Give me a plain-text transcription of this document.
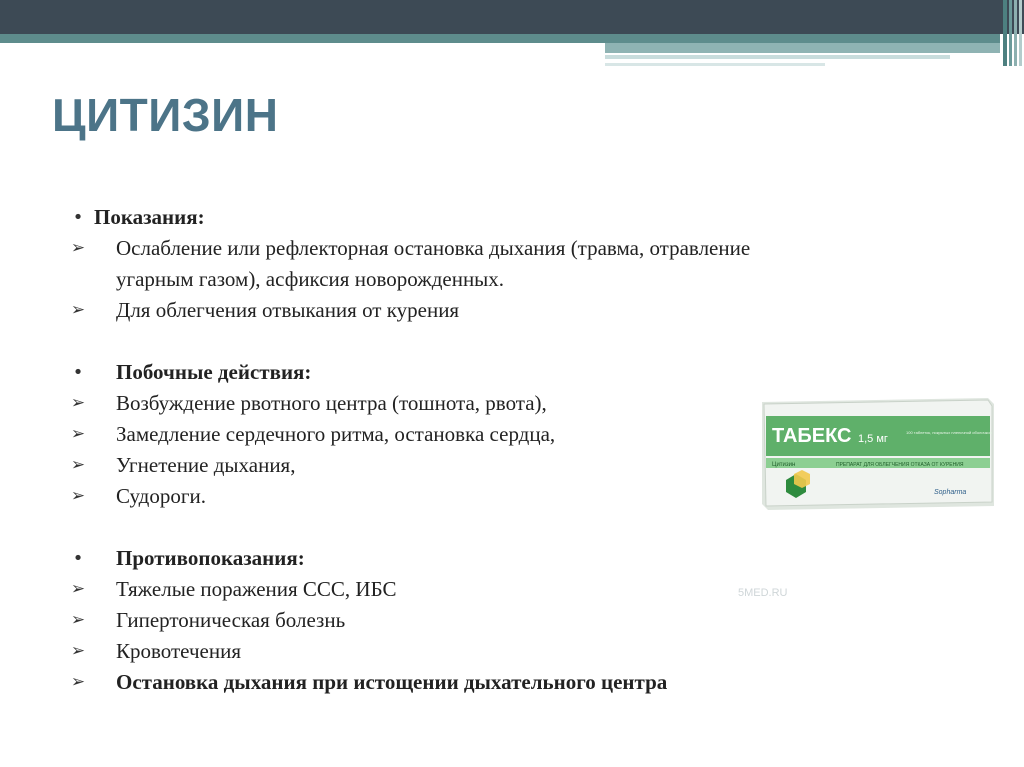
ЦИТИЗИН
• Показания:
➢ Ослабление или рефлекторная остановка дыхания (травма, отравление
угарным газом), асфиксия новорожденных.
➢ Для облегчения отвыкания от курения
• Побочные действия:
➢ Возбуждение рвотного центра (тошнота, рвота),
➢ Замедление сердечного ритма, остановка сердца,
➢ Угнетение дыхания,
➢ Судороги.
• Противопоказания:
➢ Тяжелые поражения ССС, ИБС
➢ Гипертоническая болезнь
➢ Кровотечения
➢ Остановка дыхания при истощении дыхательного центра
5MED.RU
ТАБЕКС 1,5 мг
100 таблеток, покрытых пленочной оболочкой
Цитизин	ПРЕПАРАТ ДЛЯ ОБЛЕГЧЕНИЯ ОТКАЗА ОТ КУРЕНИЯ
Sopharma
